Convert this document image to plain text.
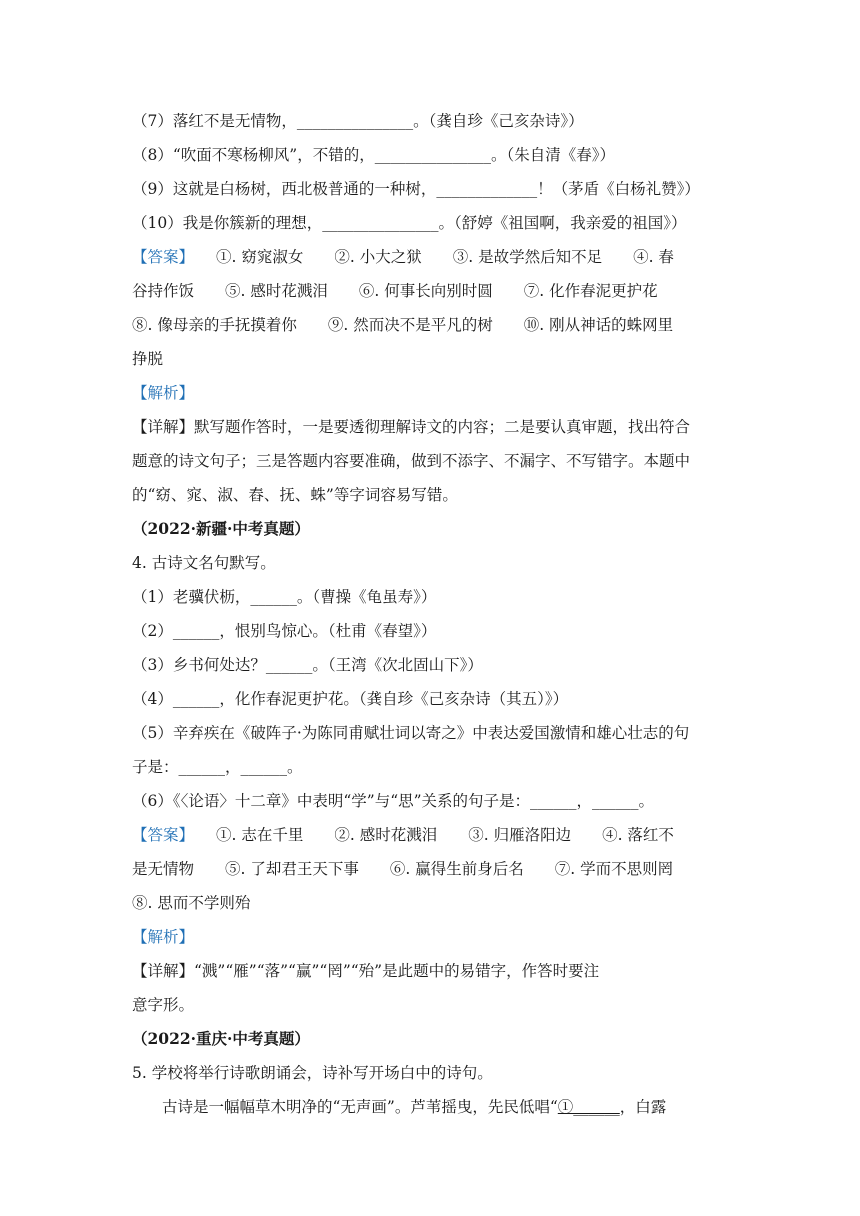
（7）落红不是无情物，_______________。（龚自珍《己亥杂诗》）
（8）“吹面不寒杨柳风”，不错的，_______________。（朱自清《春》）
（9）这就是白杨树，西北极普通的一种树，_____________！（茅盾《白杨礼赞》）
（10）我是你簇新的理想，_______________。（舒婷《祖国啊，我亲爱的祖国》）
【答案】 ①. 窈窕淑女　　②. 小大之狱　　③. 是故学然后知不足　　④. 春
谷持作饭　　⑤. 感时花溅泪　　⑥. 何事长向别时圆　　⑦. 化作春泥更护花
⑧. 像母亲的手抚摸着你　　⑨. 然而决不是平凡的树　　⑩. 刚从神话的蛛网里
挣脱
【解析】
【详解】默写题作答时，一是要透彻理解诗文的内容；二是要认真审题，找出符合
题意的诗文句子；三是答题内容要准确，做到不添字、不漏字、不写错字。本题中
的“窈、窕、淑、舂、抚、蛛”等字词容易写错。
（2022·新疆·中考真题）
4. 古诗文名句默写。
（1）老骥伏枥，______。（曹操《龟虽寿》）
（2）______，恨别鸟惊心。（杜甫《春望》）
（3）乡书何处达？______。（王湾《次北固山下》）
（4）______，化作春泥更护花。（龚自珍《己亥杂诗（其五）》）
（5）辛弃疾在《破阵子·为陈同甫赋壮词以寄之》中表达爱国激情和雄心壮志的句
子是：______，______。
（6）《〈论语〉十二章》中表明“学”与“思”关系的句子是：______，______。
【答案】 ①. 志在千里　　②. 感时花溅泪　　③. 归雁洛阳边　　④. 落红不
是无情物　　⑤. 了却君王天下事　　⑥. 赢得生前身后名　　⑦. 学而不思则罔
⑧. 思而不学则殆
【解析】
【详解】“溅”“雁”“落”“赢”“罔”“殆”是此题中的易错字，作答时要注
意字形。
（2022·重庆·中考真题）
5. 学校将举行诗歌朗诵会，诗补写开场白中的诗句。
古诗是一幅幅草木明净的“无声画”。芦苇摇曳，先民低唱“①______，白露
